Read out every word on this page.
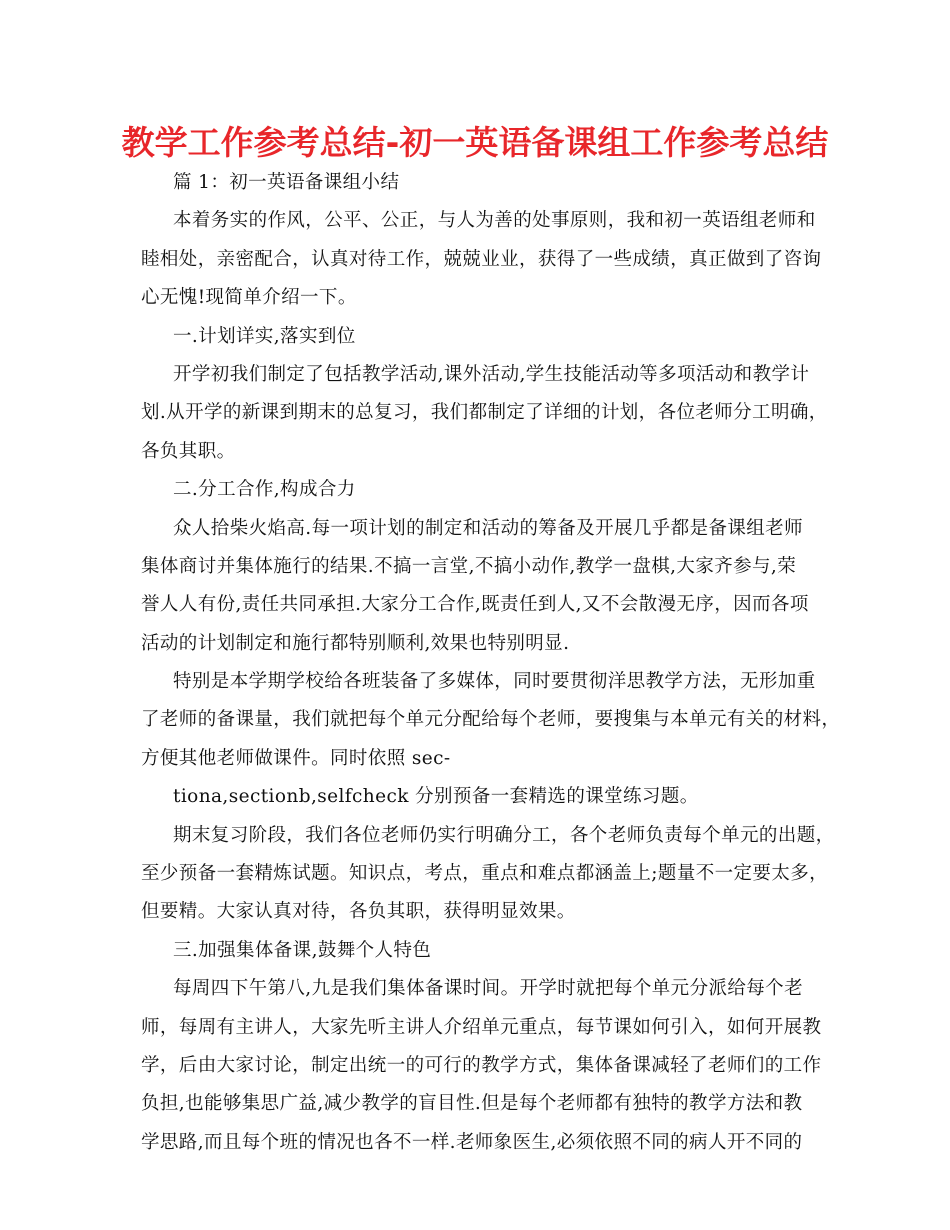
教学工作参考总结-初一英语备课组工作参考总结
篇 1：初一英语备课组小结
本着务实的作风，公平、公正，与人为善的处事原则，我和初一英语组老师和
睦相处，亲密配合，认真对待工作，兢兢业业，获得了一些成绩，真正做到了咨询
心无愧!现简单介绍一下。
一.计划详实,落实到位
开学初我们制定了包括教学活动,课外活动,学生技能活动等多项活动和教学计
划.从开学的新课到期末的总复习，我们都制定了详细的计划，各位老师分工明确，
各负其职。
二.分工合作,构成合力
众人拾柴火焰高.每一项计划的制定和活动的筹备及开展几乎都是备课组老师
集体商讨并集体施行的结果.不搞一言堂,不搞小动作,教学一盘棋,大家齐参与,荣
誉人人有份,责任共同承担.大家分工合作,既责任到人,又不会散漫无序，因而各项
活动的计划制定和施行都特别顺利,效果也特别明显.
特别是本学期学校给各班装备了多媒体，同时要贯彻洋思教学方法，无形加重
了老师的备课量，我们就把每个单元分配给每个老师，要搜集与本单元有关的材料，
方便其他老师做课件。同时依照 sec-
tiona,sectionb,selfcheck 分别预备一套精选的课堂练习题。
期末复习阶段，我们各位老师仍实行明确分工，各个老师负责每个单元的出题，
至少预备一套精炼试题。知识点，考点，重点和难点都涵盖上;题量不一定要太多，
但要精。大家认真对待，各负其职，获得明显效果。
三.加强集体备课,鼓舞个人特色
每周四下午第八,九是我们集体备课时间。开学时就把每个单元分派给每个老
师，每周有主讲人，大家先听主讲人介绍单元重点，每节课如何引入，如何开展教
学，后由大家讨论，制定出统一的可行的教学方式，集体备课减轻了老师们的工作
负担,也能够集思广益,减少教学的盲目性.但是每个老师都有独特的教学方法和教
学思路,而且每个班的情况也各不一样.老师象医生,必须依照不同的病人开不同的
